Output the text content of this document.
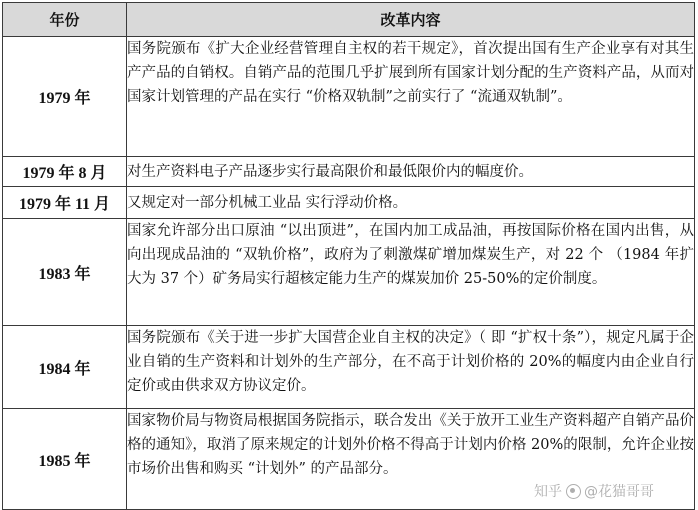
年份	改革内容
1979 年	国务院颁布《扩大企业经营管理自主权的若干规定》，首次提出国有生产企业享有对其生产产品的自销权。自销产品的范围几乎扩展到所有国家计划分配的生产资料产品，从而对国家计划管理的产品在实行 “价格双轨制”之前实行了 “流通双轨制”。
1979 年 8 月	对生产资料电子产品逐步实行最高限价和最低限价内的幅度价。
1979 年 11 月	又规定对一部分机械工业品 实行浮动价格。
1983 年	国家允许部分出口原油 “以出顶进”，在国内加工成品油，再按国际价格在国内出售，从向出现成品油的 “双轨价格”，政府为了刺激煤矿增加煤炭生产，对 22 个 （1984 年扩大为 37 个）矿务局实行超核定能力生产的煤炭加价 25-50%的定价制度。
1984 年	国务院颁布《关于进一步扩大国营企业自主权的决定》（ 即 “扩权十条”），规定凡属于企业自销的生产资料和计划外的生产部分，在不高于计划价格的 20%的幅度内由企业自行定价或由供求双方协议定价。
1985 年	国家物价局与物资局根据国务院指示，联合发出《关于放开工业生产资料超产自销产品价格的通知》，取消了原来规定的计划外价格不得高于计划内价格 20%的限制，允许企业按市场价出售和购买 “计划外” 的产品部分。
知乎 @花猫哥哥
